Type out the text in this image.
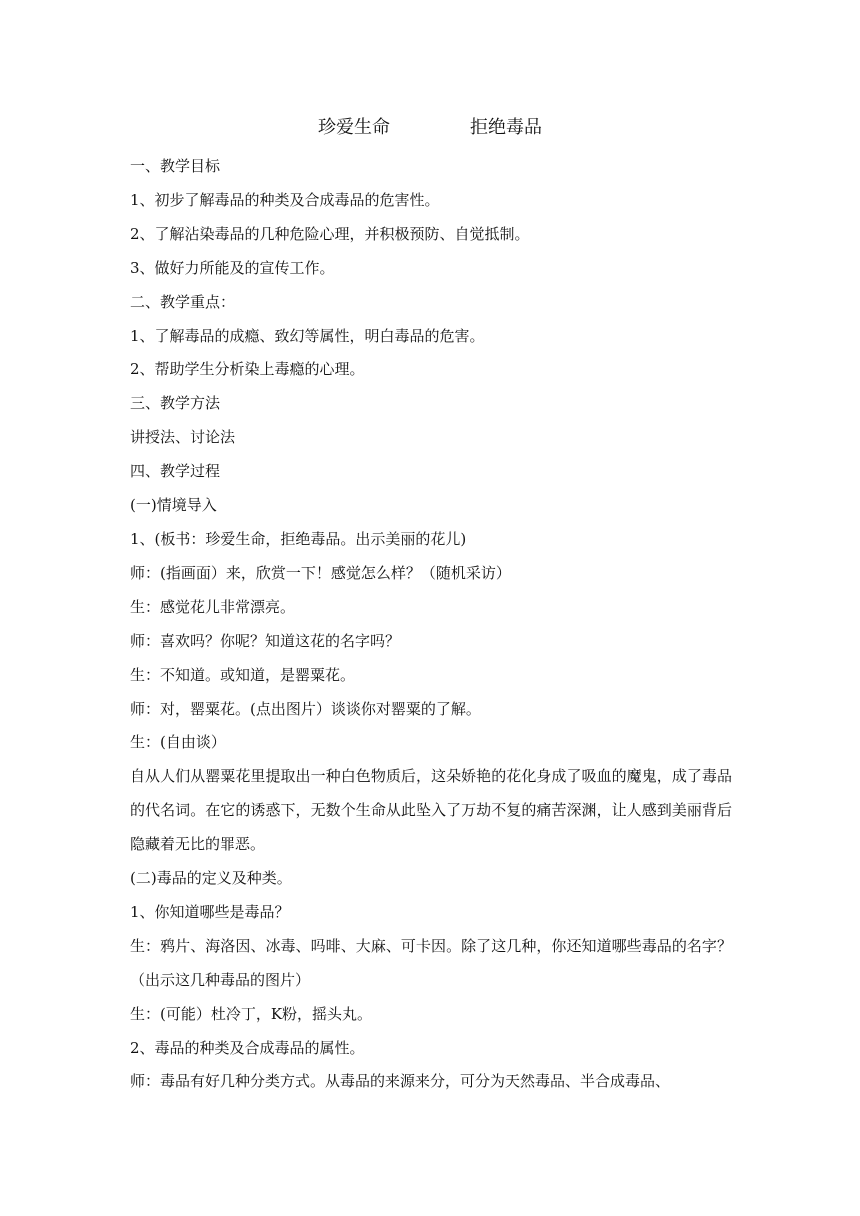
珍爱生命	拒绝毒品
一、教学目标
1、初步了解毒品的种类及合成毒品的危害性。
2、了解沾染毒品的几种危险心理，并积极预防、自觉抵制。
3、做好力所能及的宣传工作。
二、教学重点：
1、了解毒品的成瘾、致幻等属性，明白毒品的危害。
2、帮助学生分析染上毒瘾的心理。
三、教学方法
讲授法、讨论法
四、教学过程
(一)情境导入
1、(板书：珍爱生命，拒绝毒品。出示美丽的花儿)
师：(指画面）来，欣赏一下！感觉怎么样？（随机采访）
生：感觉花儿非常漂亮。
师：喜欢吗？你呢？知道这花的名字吗？
生：不知道。或知道，是罂粟花。
师：对，罂粟花。(点出图片）谈谈你对罂粟的了解。
生：(自由谈）
自从人们从罂粟花里提取出一种白色物质后，这朵娇艳的花化身成了吸血的魔鬼，成了毒品的代名词。在它的诱惑下，无数个生命从此坠入了万劫不复的痛苦深渊，让人感到美丽背后隐藏着无比的罪恶。
(二)毒品的定义及种类。
1、你知道哪些是毒品？
生：鸦片、海洛因、冰毒、吗啡、大麻、可卡因。除了这几种，你还知道哪些毒品的名字？（出示这几种毒品的图片）
生：(可能）杜冷丁，K粉，摇头丸。
2、毒品的种类及合成毒品的属性。
师：毒品有好几种分类方式。从毒品的来源来分，可分为天然毒品、半合成毒品、
